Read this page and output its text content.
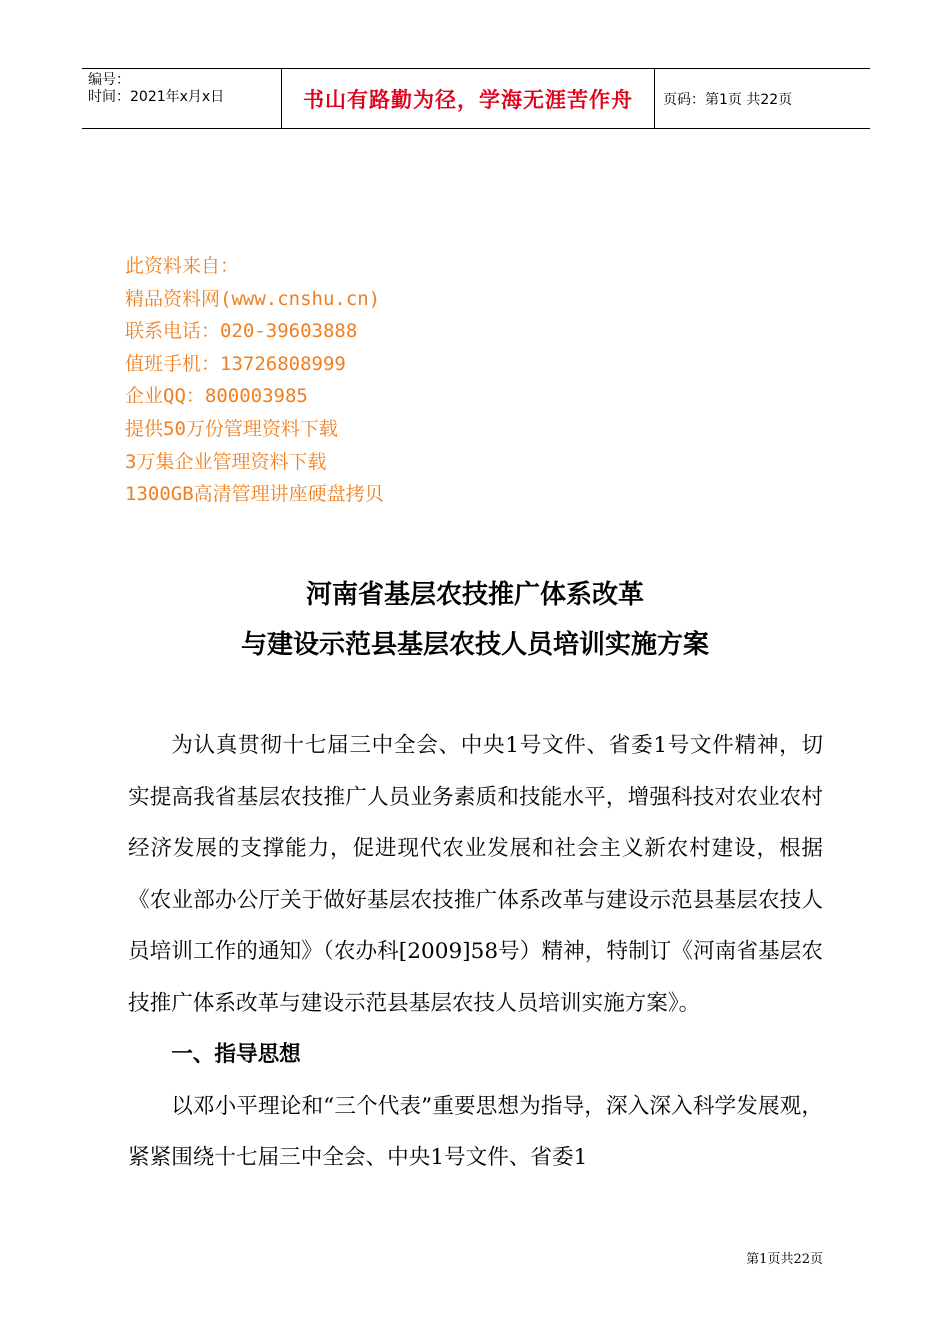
编号：
时间：2021年x月x日	书山有路勤为径，学海无涯苦作舟 页码：第1页 共22页
此资料来自：
精品资料网(www.cnshu.cn)
联系电话：020-39603888
值班手机：13726808999
企业QQ：800003985
提供50万份管理资料下载
3万集企业管理资料下载
1300GB高清管理讲座硬盘拷贝
河南省基层农技推广体系改革
与建设示范县基层农技人员培训实施方案

为认真贯彻十七届三中全会、中央1号文件、省委1号文件精神，切实提高我省基层农技推广人员业务素质和技能水平，增强科技对农业农村经济发展的支撑能力，促进现代农业发展和社会主义新农村建设，根据《农业部办公厅关于做好基层农技推广体系改革与建设示范县基层农技人员培训工作的通知》（农办科[2009]58号）精神，特制订《河南省基层农技推广体系改革与建设示范县基层农技人员培训实施方案》。

一、指导思想

以邓小平理论和“三个代表”重要思想为指导，深入深入科学发展观，紧紧围绕十七届三中全会、中央1号文件、省委1

第1页共22页
